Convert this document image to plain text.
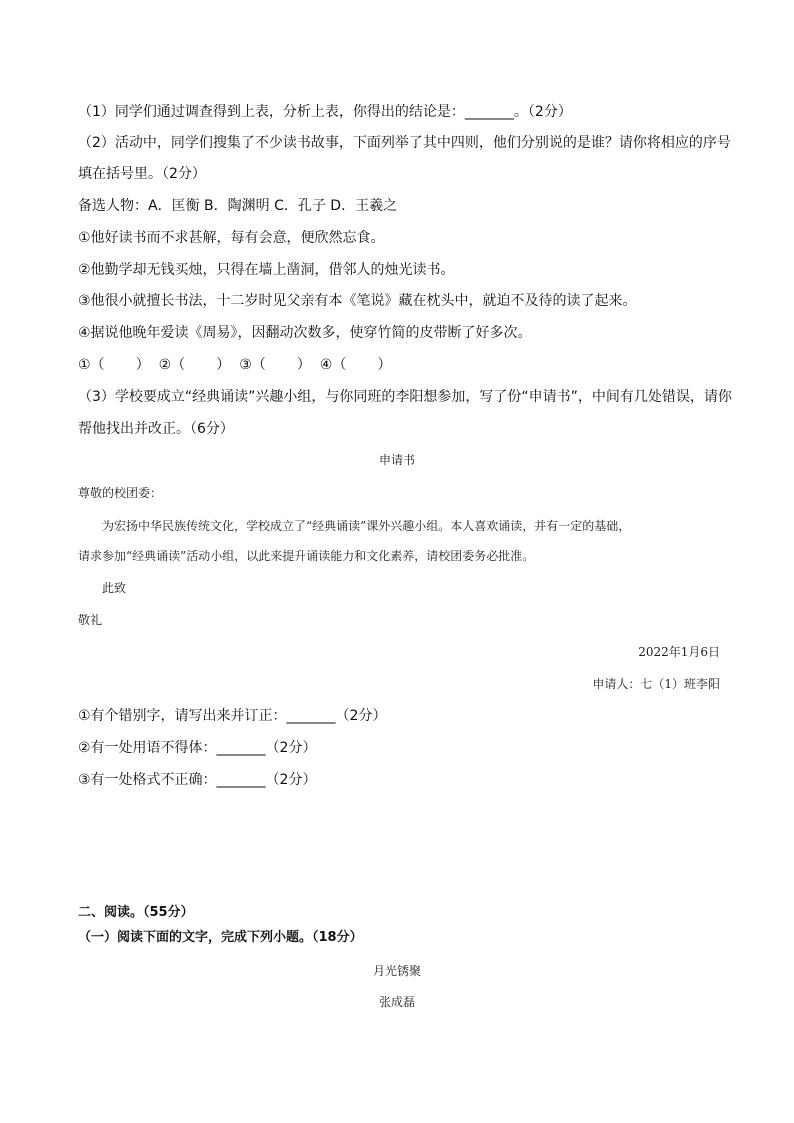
（1）同学们通过调查得到上表，分析上表，你得出的结论是：_______。（2分）
（2）活动中，同学们搜集了不少读书故事，下面列举了其中四则，他们分别说的是谁？请你将相应的序号
填在括号里。（2分）
备选人物：A．匡衡 B．陶渊明 C．孔子 D．王羲之
①他好读书而不求甚解，每有会意，便欣然忘食。
②他勤学却无钱买烛，只得在墙上凿洞，借邻人的烛光读书。
③他很小就擅长书法，十二岁时见父亲有本《笔说》藏在枕头中，就迫不及待的读了起来。
④据说他晚年爱读《周易》，因翻动次数多，使穿竹简的皮带断了好多次。
①（       ）  ②（       ）  ③（       ）  ④（       ）
（3）学校要成立“经典诵读”兴趣小组，与你同班的李阳想参加，写了份“申请书”，中间有几处错误，请你
帮他找出并改正。（6分）
申请书
尊敬的校团委：
为宏扬中华民族传统文化，学校成立了“经典诵读”课外兴趣小组。本人喜欢诵读，并有一定的基础，
请求参加“经典诵读”活动小组，以此来提升诵读能力和文化素养，请校团委务必批准。
此致
敬礼
2022年1月6日
申请人：七（1）班李阳
①有个错别字，请写出来并订正：_______（2分）
②有一处用语不得体：_______（2分）
③有一处格式不正确：_______（2分）
二、阅读。（55分）
（一）阅读下面的文字，完成下列小题。（18分）
月光锈聚
张成磊
